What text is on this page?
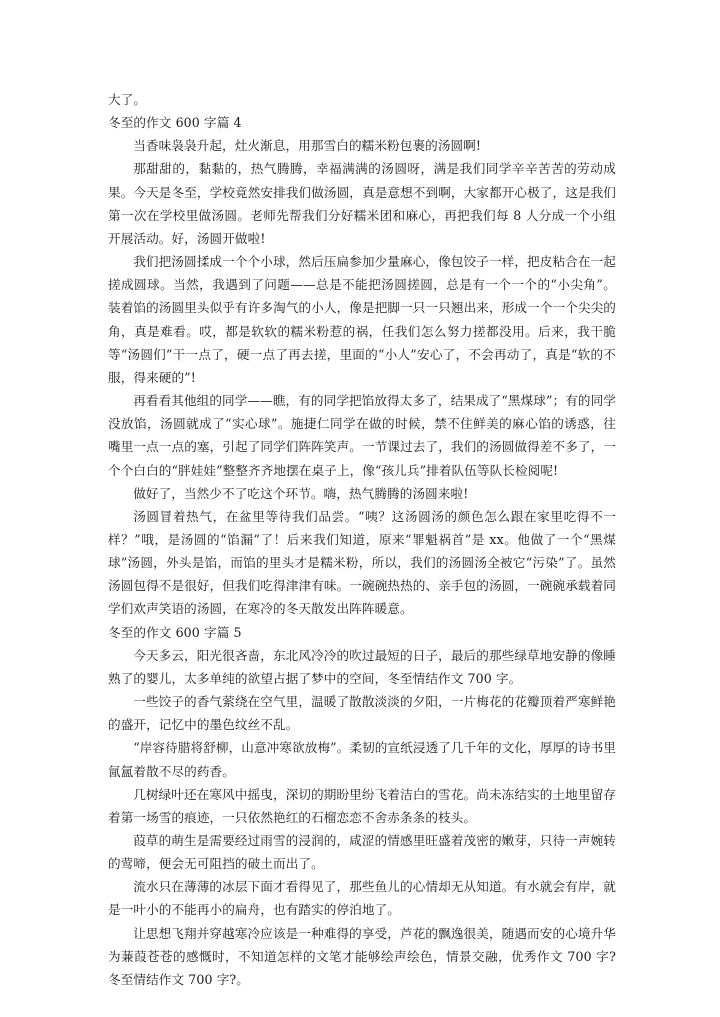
大了。

冬至的作文 600 字篇 4

当香味袅袅升起，灶火渐息，用那雪白的糯米粉包裹的汤圆啊!

那甜甜的，黏黏的，热气腾腾，幸福满满的汤圆呀，满是我们同学辛辛苦苦的劳动成果。今天是冬至，学校竟然安排我们做汤圆，真是意想不到啊，大家都开心极了，这是我们第一次在学校里做汤圆。老师先帮我们分好糯米团和麻心，再把我们每 8 人分成一个小组开展活动。好，汤圆开做啦!

我们把汤圆揉成一个个小球，然后压扁参加少量麻心，像包饺子一样，把皮粘合在一起搓成圆球。当然，我遇到了问题——总是不能把汤圆搓圆，总是有一个一个的“小尖角”。装着馅的汤圆里头似乎有许多淘气的小人，像是把脚一只一只翘出来，形成一个一个尖尖的角，真是难看。哎，都是软软的糯米粉惹的祸，任我们怎么努力搓都没用。后来，我干脆等“汤圆们”干一点了，硬一点了再去搓，里面的“小人”安心了，不会再动了，真是“软的不服，得来硬的”!

再看看其他组的同学——瞧，有的同学把馅放得太多了，结果成了“黑煤球”；有的同学没放馅，汤圆就成了“实心球”。施捷仁同学在做的时候，禁不住鲜美的麻心馅的诱惑，往嘴里一点一点的塞，引起了同学们阵阵笑声。一节课过去了，我们的汤圆做得差不多了，一个个白白的“胖娃娃”整整齐齐地摆在桌子上，像“孩儿兵”排着队伍等队长检阅呢!

做好了，当然少不了吃这个环节。嗨，热气腾腾的汤圆来啦!

汤圆冒着热气，在盆里等待我们品尝。“咦？这汤圆汤的颜色怎么跟在家里吃得不一样？”哦，是汤圆的“馅漏”了！后来我们知道，原来“罪魁祸首”是 xx。他做了一个“黑煤球”汤圆，外头是馅，而馅的里头才是糯米粉，所以，我们的汤圆汤全被它“污染”了。虽然汤圆包得不是很好，但我们吃得津津有味。一碗碗热热的、亲手包的汤圆，一碗碗承载着同学们欢声笑语的汤圆，在寒冷的冬天散发出阵阵暖意。

冬至的作文 600 字篇 5

今天多云，阳光很吝啬，东北风冷冷的吹过最短的日子，最后的那些绿草地安静的像睡熟了的婴儿，太多单纯的欲望占据了梦中的空间，冬至情结作文 700 字。

一些饺子的香气萦绕在空气里，温暖了散散淡淡的夕阳，一片梅花的花瓣顶着严寒鲜艳的盛开，记忆中的墨色纹丝不乱。

“岸容待腊将舒柳，山意冲寒欲放梅”。柔韧的宣纸浸透了几千年的文化，厚厚的诗书里氤氲着散不尽的药香。

几树绿叶还在寒风中摇曳，深切的期盼里纷飞着洁白的雪花。尚未冻结实的土地里留存着第一场雪的痕迹，一只依然艳红的石榴恋恋不舍赤条条的枝头。

葭草的萌生是需要经过雨雪的浸润的，咸涩的情感里旺盛着茂密的嫩芽，只待一声婉转的莺啼，便会无可阻挡的破土而出了。

流水只在薄薄的冰层下面才看得见了，那些鱼儿的心情却无从知道。有水就会有岸，就是一叶小的不能再小的扁舟，也有踏实的停泊地了。

让思想飞翔并穿越寒冷应该是一种难得的享受，芦花的飘逸很美，随遇而安的心境升华为蒹葭苍苍的感慨时，不知道怎样的文笔才能够绘声绘色，情景交融，优秀作文 700 字?冬至情结作文 700 字?。
